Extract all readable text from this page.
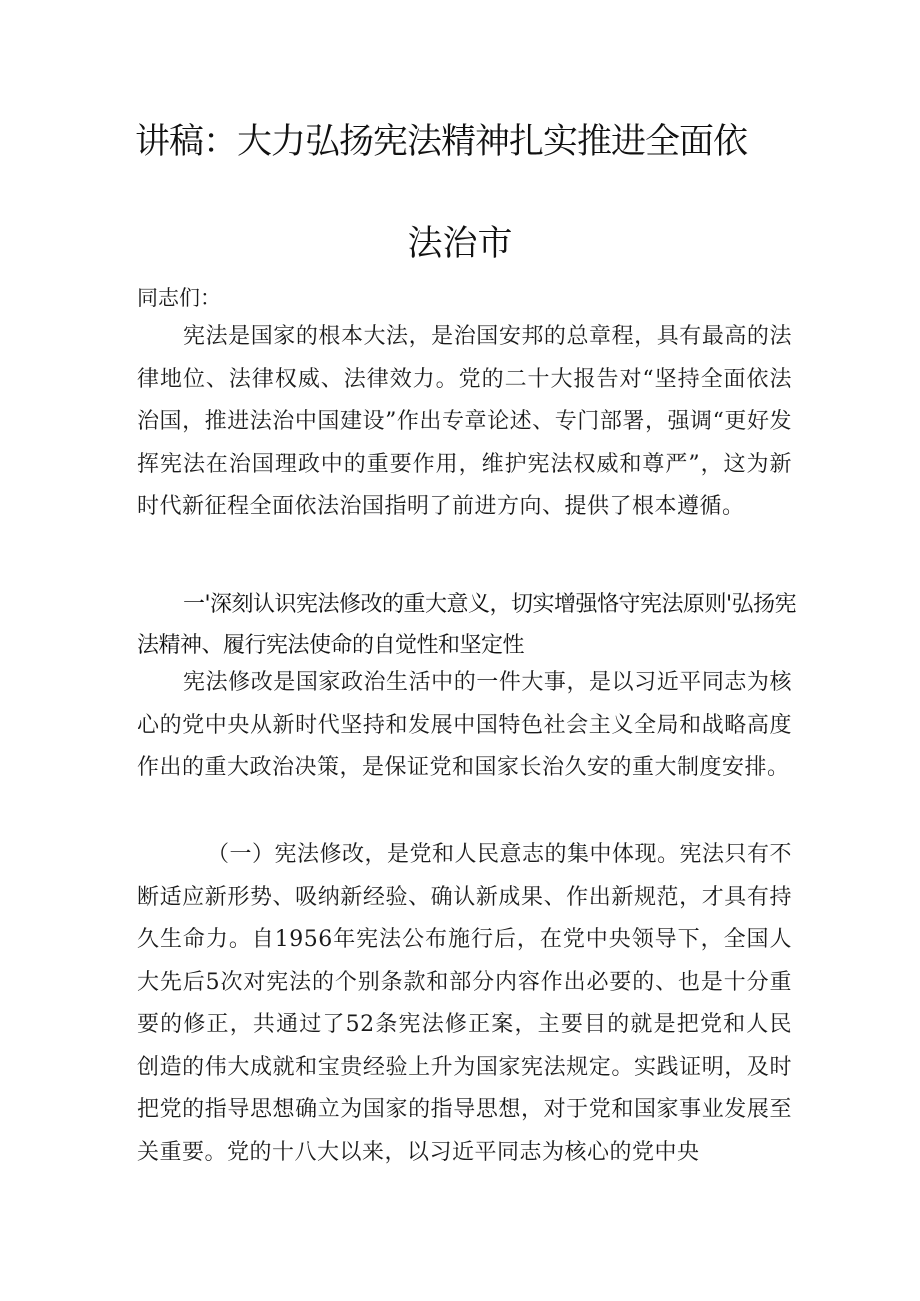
讲稿：大力弘扬宪法精神扎实推进全面依
法治市
同志们：
宪法是国家的根本大法，是治国安邦的总章程，具有最高的法律地位、法律权威、法律效力。党的二十大报告对“坚持全面依法治国，推进法治中国建设”作出专章论述、专门部署，强调“更好发挥宪法在治国理政中的重要作用，维护宪法权威和尊严”，这为新时代新征程全面依法治国指明了前进方向、提供了根本遵循。
一'深刻认识宪法修改的重大意义，切实增强恪守宪法原则'弘扬宪法精神、履行宪法使命的自觉性和坚定性
宪法修改是国家政治生活中的一件大事，是以习近平同志为核心的党中央从新时代坚持和发展中国特色社会主义全局和战略高度作出的重大政治决策，是保证党和国家长治久安的重大制度安排。
（一）宪法修改，是党和人民意志的集中体现。宪法只有不断适应新形势、吸纳新经验、确认新成果、作出新规范，才具有持久生命力。自1956年宪法公布施行后，在党中央领导下，全国人大先后5次对宪法的个别条款和部分内容作出必要的、也是十分重要的修正，共通过了52条宪法修正案，主要目的就是把党和人民创造的伟大成就和宝贵经验上升为国家宪法规定。实践证明，及时把党的指导思想确立为国家的指导思想，对于党和国家事业发展至关重要。党的十八大以来，以习近平同志为核心的党中央
